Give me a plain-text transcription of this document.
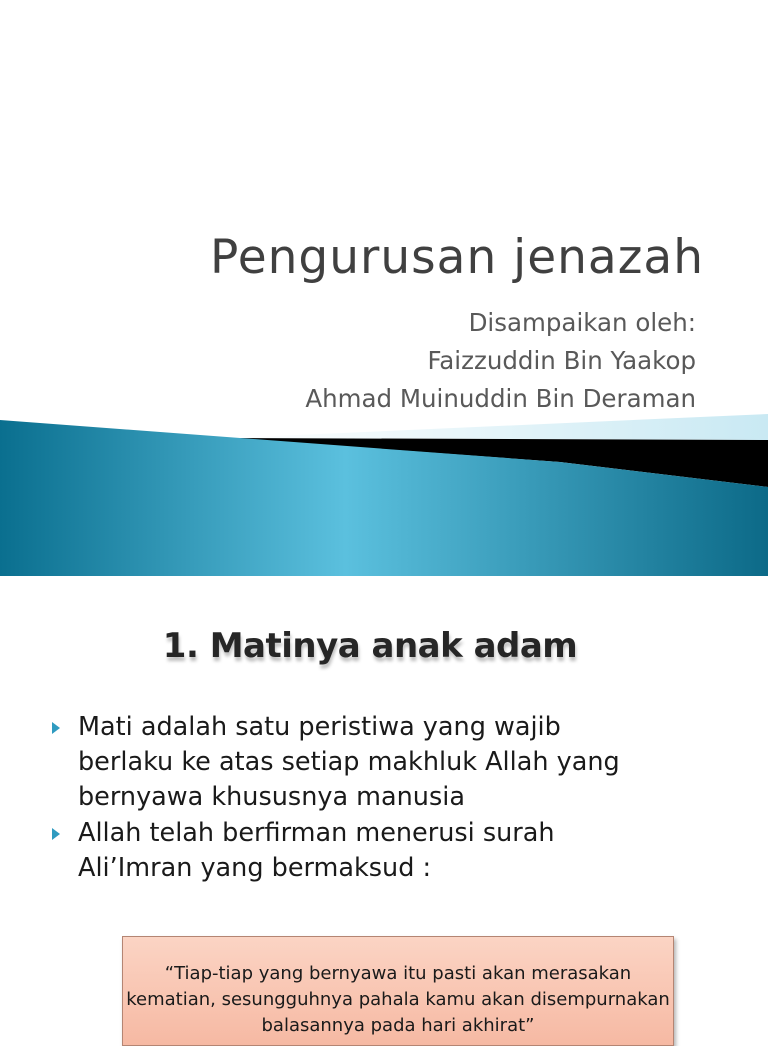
Pengurusan jenazah
Disampaikan oleh:
Faizzuddin Bin Yaakop
Ahmad Muinuddin Bin Deraman
1. Matinya anak adam
Mati adalah satu peristiwa yang wajib
berlaku ke atas setiap makhluk Allah yang
bernyawa khususnya manusia
Allah telah berfirman menerusi surah
Ali’Imran yang bermaksud :
“Tiap-tiap yang bernyawa itu pasti akan merasakan
kematian, sesungguhnya pahala kamu akan disempurnakan
balasannya pada hari akhirat”
